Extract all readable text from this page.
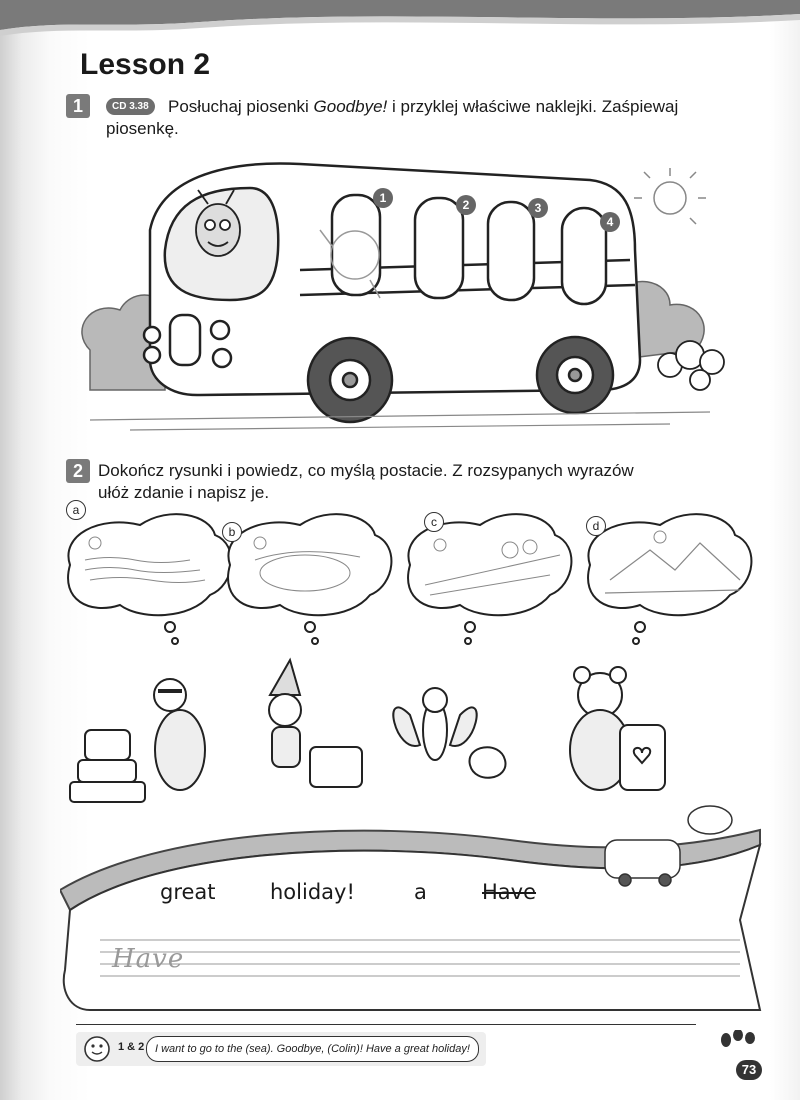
Lesson 2
1	CD 3.38	Posłuchaj piosenki Goodbye! i przyklej właściwe naklejki. Zaśpiewaj
piosenkę.
1	2	3
4
2 Dokończ rysunki i powiedz, co myślą postacie. Z rozsypanych wyrazów
ułóż zdanie i napisz je.
a
b
c	d
great	holiday!	a	Have
Have
1 & 2 I want to go to the (sea). Goodbye, (Colin)! Have a great holiday!
73
